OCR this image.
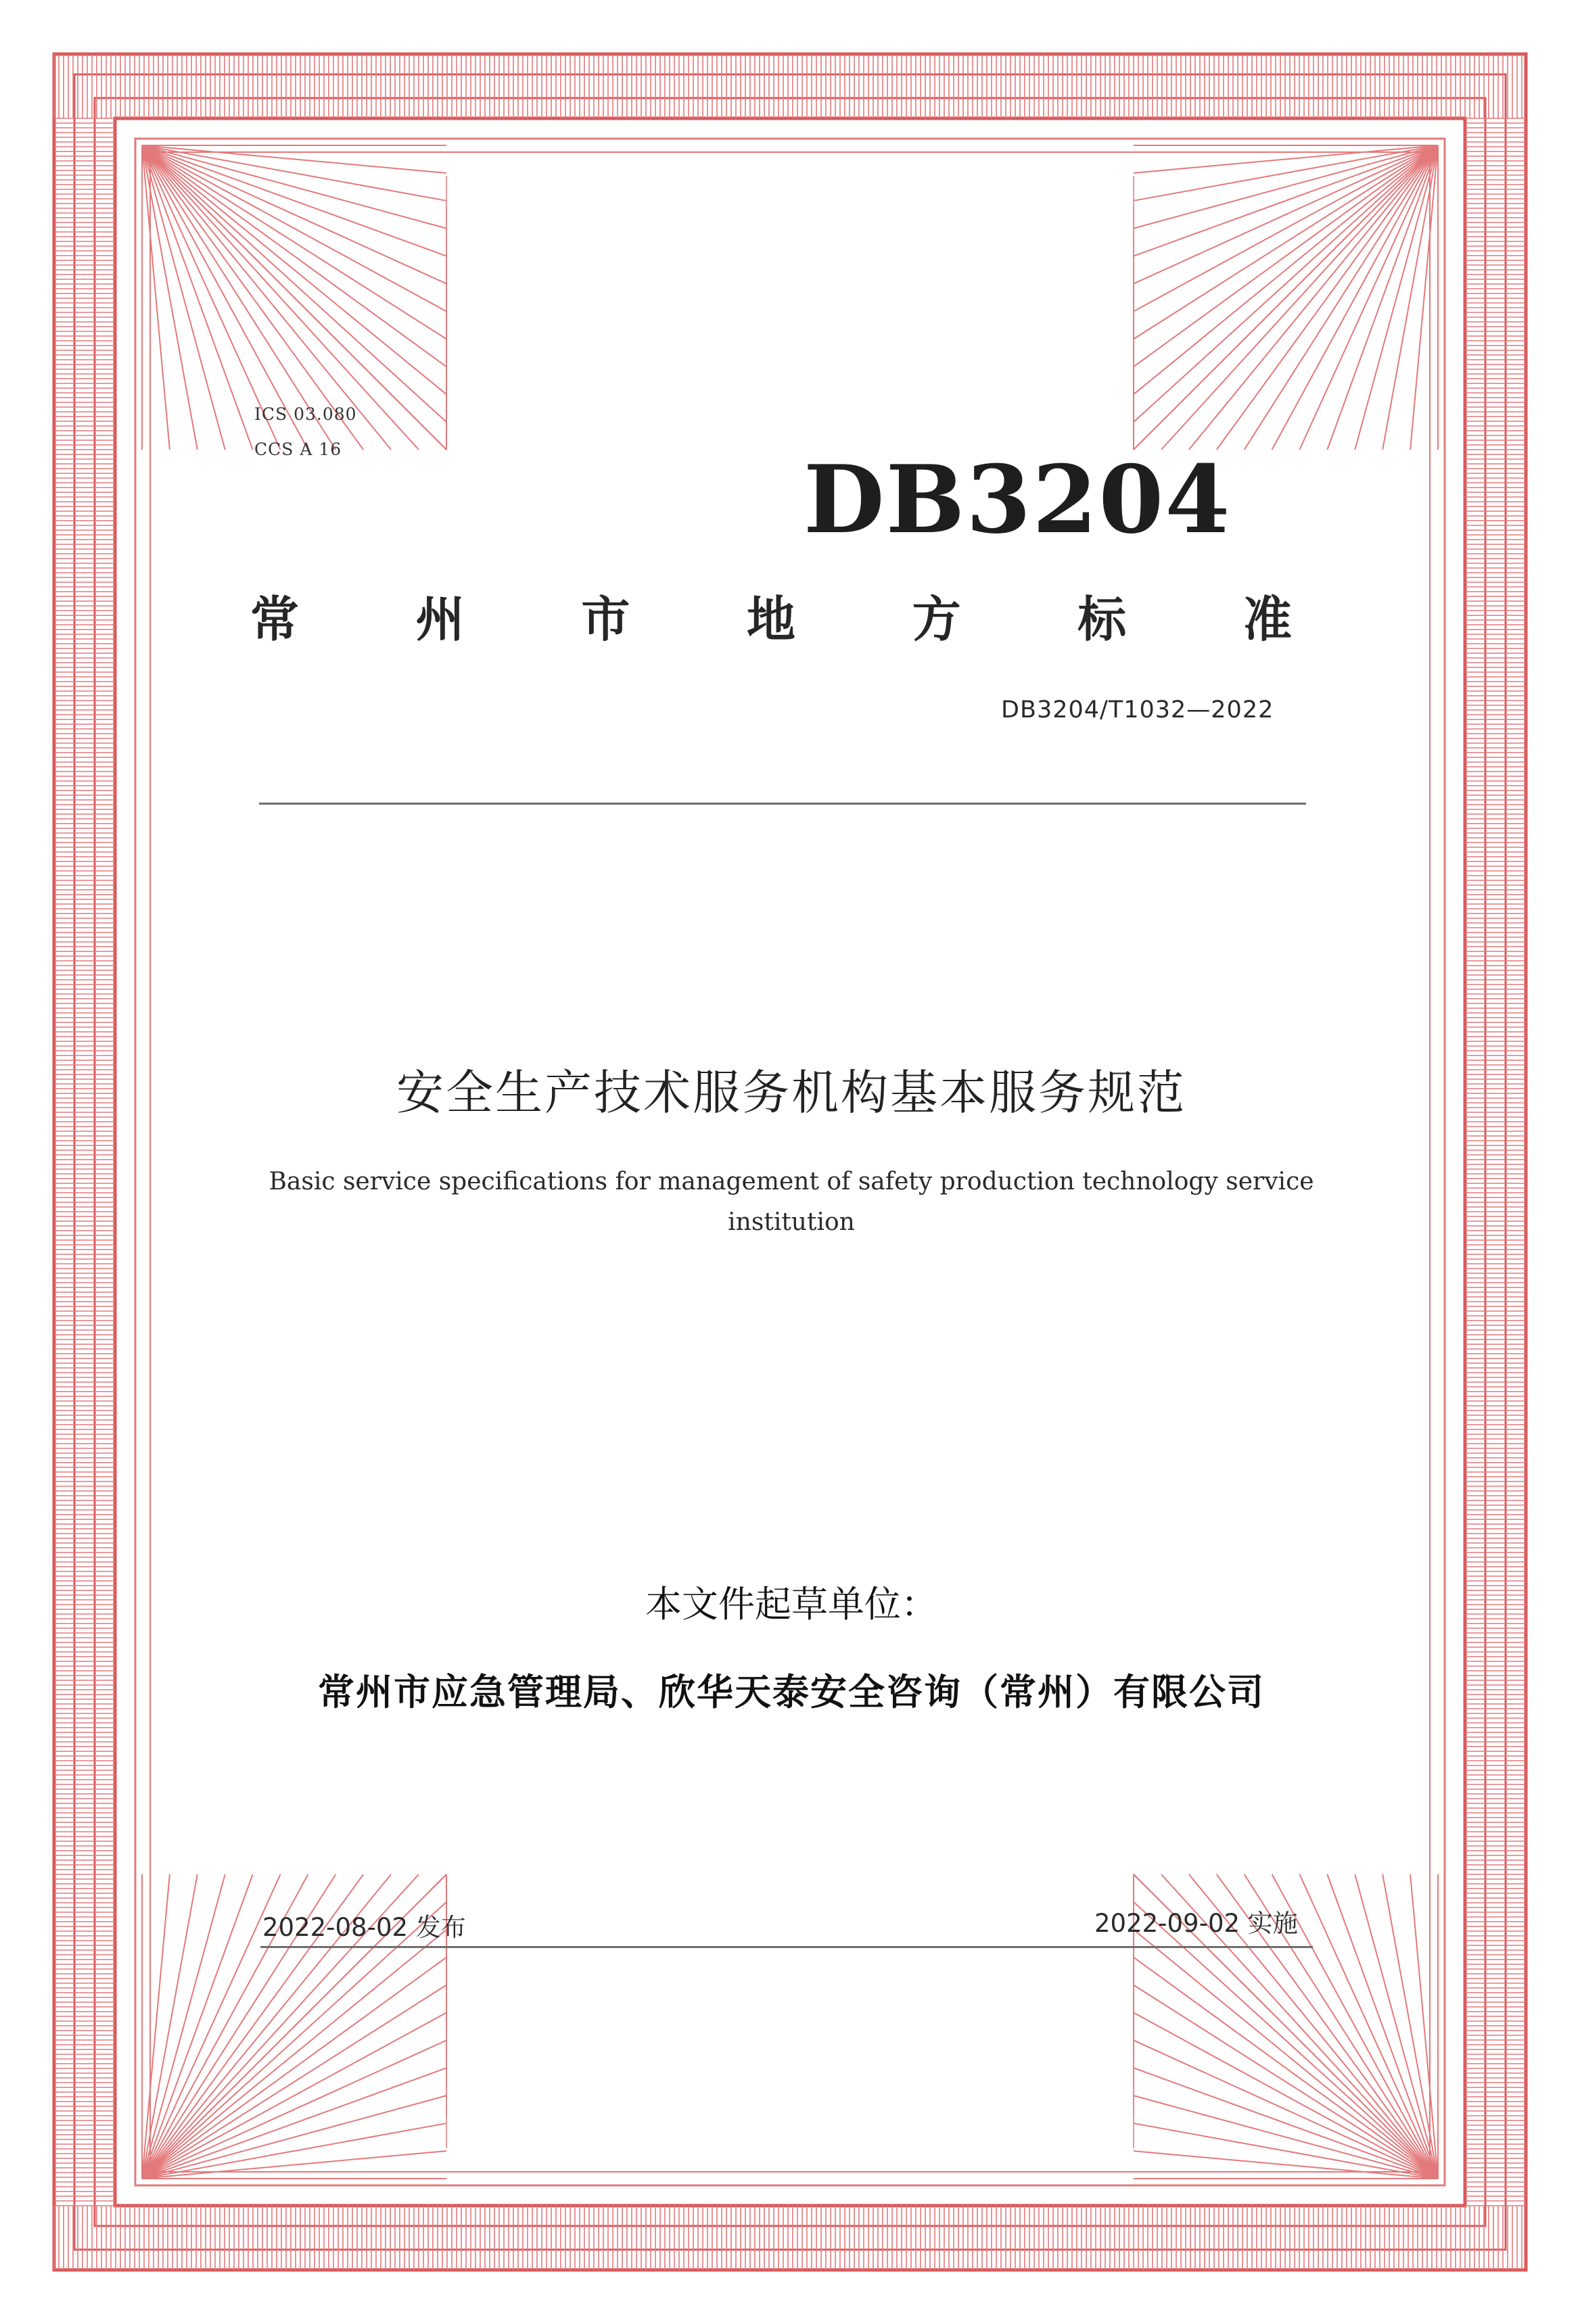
ICS 03.080
CCS A 16	DB3204
常 州 市 地 方 标 准
DB3204/T1032—2022
安全生产技术服务机构基本服务规范
Basic service specifications for management of safety production technology service
institution
本文件起草单位：
常州市应急管理局、欣华天泰安全咨询（常州）有限公司
2022-08-02 发布	2022-09-02 实施
